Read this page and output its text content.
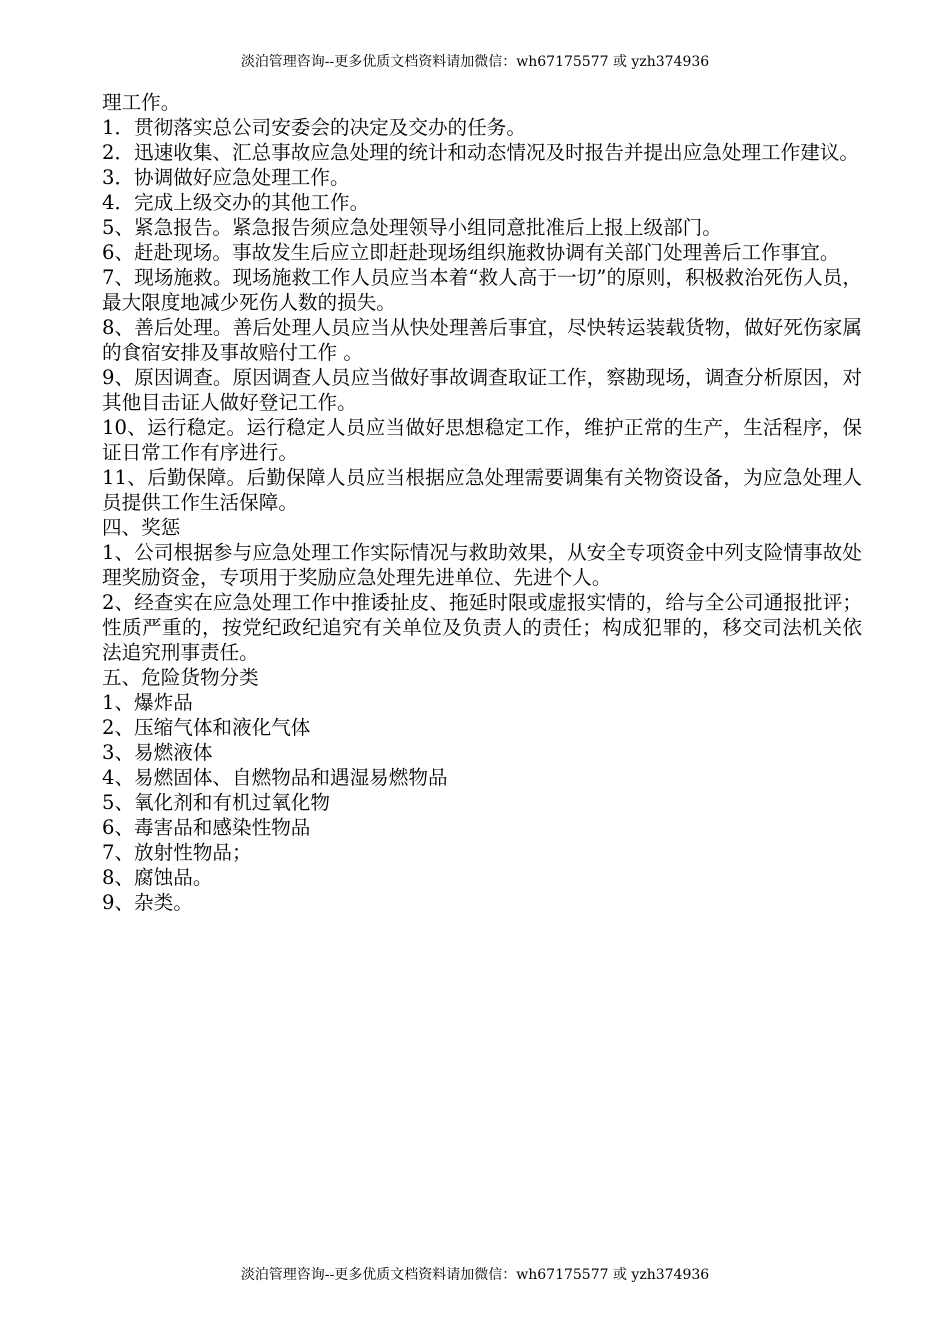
淡泊管理咨询--更多优质文档资料请加微信：wh67175577 或 yzh374936

理工作。

1．贯彻落实总公司安委会的决定及交办的任务。

2．迅速收集、汇总事故应急处理的统计和动态情况及时报告并提出应急处理工作建议。

3．协调做好应急处理工作。

4．完成上级交办的其他工作。

5、紧急报告。紧急报告须应急处理领导小组同意批准后上报上级部门。

6、赶赴现场。事故发生后应立即赶赴现场组织施救协调有关部门处理善后工作事宜。

7、现场施救。现场施救工作人员应当本着“救人高于一切”的原则，积极救治死伤人员，最大限度地减少死伤人数的损失。

8、善后处理。善后处理人员应当从快处理善后事宜，尽快转运装载货物，做好死伤家属的食宿安排及事故赔付工作 。

9、原因调查。原因调查人员应当做好事故调查取证工作，察勘现场，调查分析原因，对其他目击证人做好登记工作。

10、运行稳定。运行稳定人员应当做好思想稳定工作，维护正常的生产，生活程序，保证日常工作有序进行。

11、后勤保障。后勤保障人员应当根据应急处理需要调集有关物资设备，为应急处理人员提供工作生活保障。

四、奖惩

1、公司根据参与应急处理工作实际情况与救助效果，从安全专项资金中列支险情事故处理奖励资金，专项用于奖励应急处理先进单位、先进个人。

2、经查实在应急处理工作中推诿扯皮、拖延时限或虚报实情的，给与全公司通报批评；性质严重的，按党纪政纪追究有关单位及负责人的责任；构成犯罪的，移交司法机关依法追究刑事责任。

五、危险货物分类

1、爆炸品

2、压缩气体和液化气体

3、易燃液体

4、易燃固体、自燃物品和遇湿易燃物品

5、氧化剂和有机过氧化物

6、毒害品和感染性物品

7、放射性物品；

8、腐蚀品。

9、杂类。

淡泊管理咨询--更多优质文档资料请加微信：wh67175577 或 yzh374936
